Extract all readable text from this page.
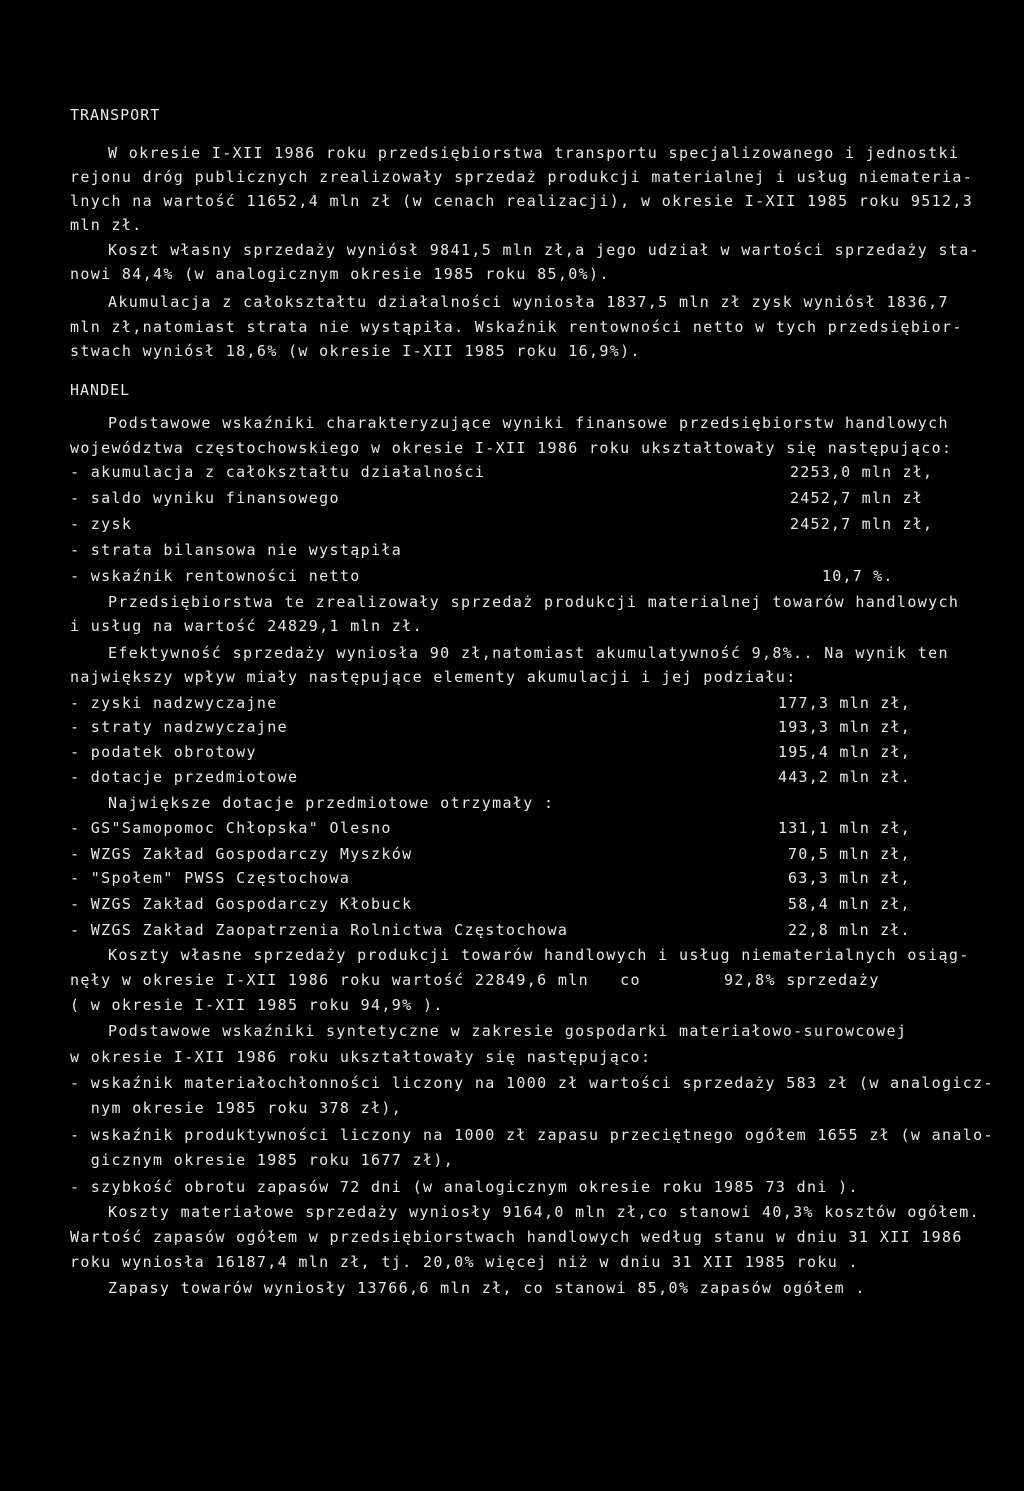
TRANSPORT
W okresie I-XII 1986 roku przedsiębiorstwa transportu specjalizowanego i jednostki
rejonu dróg publicznych zrealizowały sprzedaż produkcji materialnej i usług niemateria-
lnych na wartość 11652,4 mln zł (w cenach realizacji), w okresie I-XII 1985 roku 9512,3
mln zł.
Koszt własny sprzedaży wyniósł 9841,5 mln zł,a jego udział w wartości sprzedaży sta-
nowi 84,4% (w analogicznym okresie 1985 roku 85,0%).
Akumulacja z całokształtu działalności wyniosła 1837,5 mln zł zysk wyniósł 1836,7
mln zł,natomiast strata nie wystąpiła. Wskaźnik rentowności netto w tych przedsiębior-
stwach wyniósł 18,6% (w okresie I-XII 1985 roku 16,9%).
HANDEL
Podstawowe wskaźniki charakteryzujące wyniki finansowe przedsiębiorstw handlowych
województwa częstochowskiego w okresie I-XII 1986 roku ukształtowały się następująco:
- akumulacja z całokształtu działalności	2253,0 mln zł,
- saldo wyniku finansowego	2452,7 mln zł
- zysk	2452,7 mln zł,
- strata bilansowa nie wystąpiła
- wskaźnik rentowności netto	10,7 %.
Przedsiębiorstwa te zrealizowały sprzedaż produkcji materialnej towarów handlowych
i usług na wartość 24829,1 mln zł.
Efektywność sprzedaży wyniosła 90 zł,natomiast akumulatywność 9,8%.. Na wynik ten
największy wpływ miały następujące elementy akumulacji i jej podziału:
- zyski nadzwyczajne	177,3 mln zł,
- straty nadzwyczajne	193,3 mln zł,
- podatek obrotowy	195,4 mln zł,
- dotacje przedmiotowe	443,2 mln zł.
Największe dotacje przedmiotowe otrzymały :
- GS"Samopomoc Chłopska" Olesno	131,1 mln zł,
- WZGS Zakład Gospodarczy Myszków	70,5 mln zł,
- "Społem" PWSS Częstochowa	63,3 mln zł,
- WZGS Zakład Gospodarczy Kłobuck	58,4 mln zł,
- WZGS Zakład Zaopatrzenia Rolnictwa Częstochowa	22,8 mln zł.
Koszty własne sprzedaży produkcji towarów handlowych i usług niematerialnych osiąg-
nęły w okresie I-XII 1986 roku wartość 22849,6 mln   co        92,8% sprzedaży
( w okresie I-XII 1985 roku 94,9% ).
Podstawowe wskaźniki syntetyczne w zakresie gospodarki materiałowo-surowcowej
w okresie I-XII 1986 roku ukształtowały się następująco:
- wskaźnik materiałochłonności liczony na 1000 zł wartości sprzedaży 583 zł (w analogicz-
nym okresie 1985 roku 378 zł),
- wskaźnik produktywności liczony na 1000 zł zapasu przeciętnego ogółem 1655 zł (w analo-
gicznym okresie 1985 roku 1677 zł),
- szybkość obrotu zapasów 72 dni (w analogicznym okresie roku 1985 73 dni ).
Koszty materiałowe sprzedaży wyniosły 9164,0 mln zł,co stanowi 40,3% kosztów ogółem.
Wartość zapasów ogółem w przedsiębiorstwach handlowych według stanu w dniu 31 XII 1986
roku wyniosła 16187,4 mln zł, tj. 20,0% więcej niż w dniu 31 XII 1985 roku .
Zapasy towarów wyniosły 13766,6 mln zł, co stanowi 85,0% zapasów ogółem .
